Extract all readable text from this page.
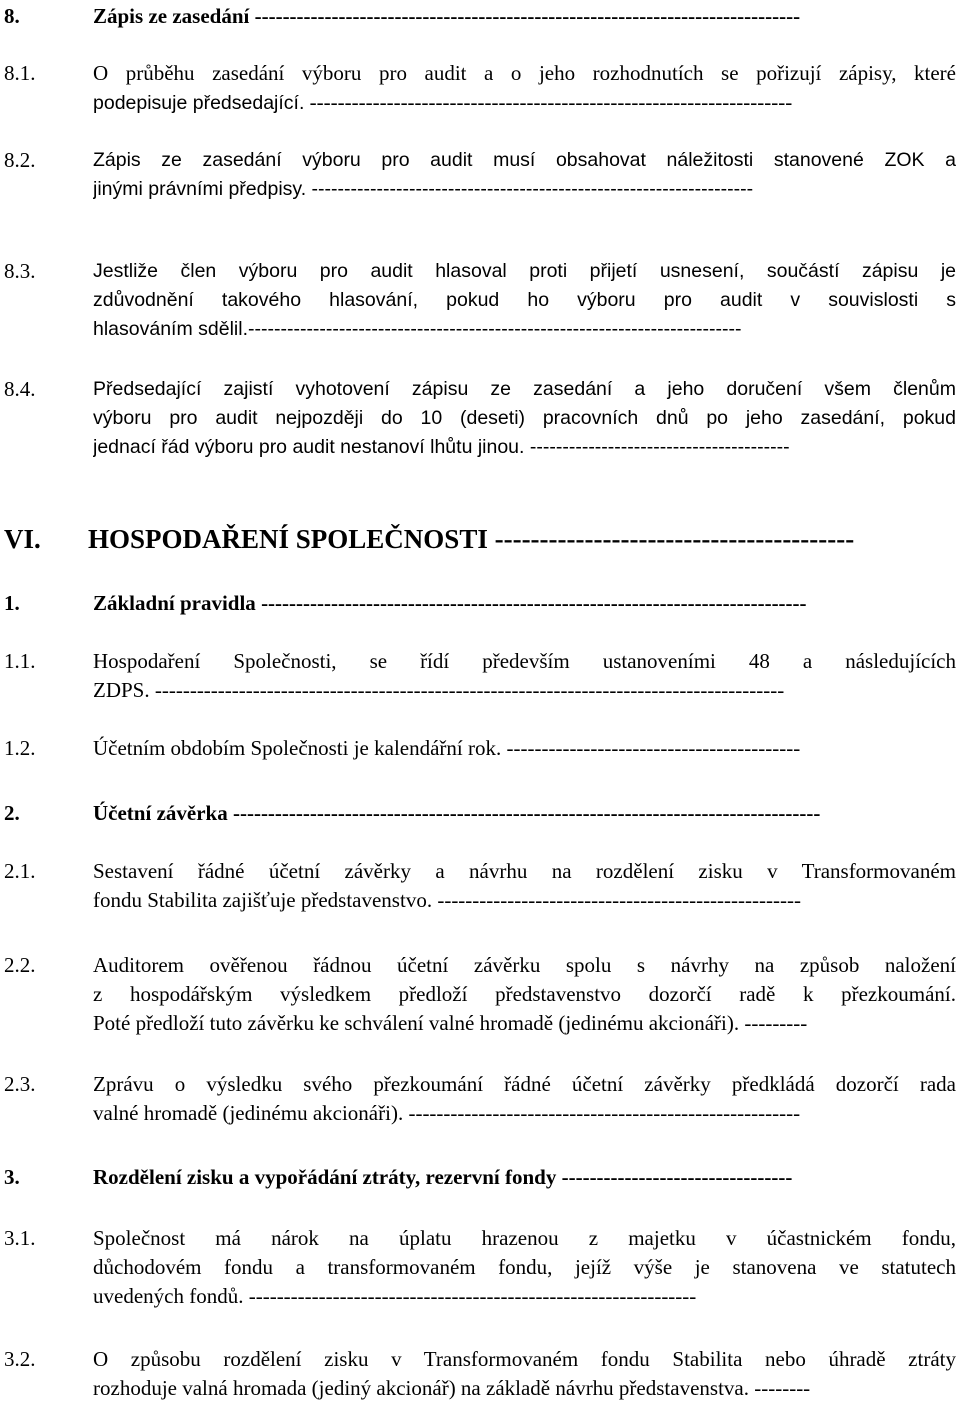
8.	Zápis ze zasedání ------------------------------------------------------------------------------
8.1.	O průběhu zasedání výboru pro audit a o jeho rozhodnutích se pořizují zápisy, které
podepisuje předsedající. ---------------------------------------------------------------------
8.2.	Zápis ze zasedání výboru pro audit musí obsahovat náležitosti stanovené ZOK a
jinými právními předpisy. --------------------------------------------------------------------
8.3.	Jestliže člen výboru pro audit hlasoval proti přijetí usnesení, součástí zápisu je
zdůvodnění takového hlasování, pokud ho výboru pro audit v souvislosti s
hlasováním sdělil.----------------------------------------------------------------------------
8.4.	Předsedající zajistí vyhotovení zápisu ze zasedání a jeho doručení všem členům
výboru pro audit nejpozději do 10 (deseti) pracovních dnů po jeho zasedání, pokud
jednací řád výboru pro audit nestanoví lhůtu jinou. ----------------------------------------
VI. HOSPODAŘENÍ SPOLEČNOSTI ----------------------------------------
1.	Základní pravidla ------------------------------------------------------------------------------
1.1.	Hospodaření Společnosti, se řídí především ustanoveními 48 a následujících
ZDPS. ------------------------------------------------------------------------------------------
1.2.	Účetním obdobím Společnosti je kalendářní rok. ------------------------------------------
2.	Účetní závěrka ------------------------------------------------------------------------------------
2.1.	Sestavení řádné účetní závěrky a návrhu na rozdělení zisku v Transformovaném
fondu Stabilita zajišťuje představenstvo. ----------------------------------------------------
2.2.	Auditorem ověřenou řádnou účetní závěrku spolu s návrhy na způsob naložení
z hospodářským výsledkem předloží představenstvo dozorčí radě k přezkoumání.
Poté předloží tuto závěrku ke schválení valné hromadě (jedinému akcionáři). ---------
2.3.	Zprávu o výsledku svého přezkoumání řádné účetní závěrky předkládá dozorčí rada
valné hromadě (jedinému akcionáři). --------------------------------------------------------
3.	Rozdělení zisku a vypořádání ztráty, rezervní fondy ---------------------------------
3.1.	Společnost má nárok na úplatu hrazenou z majetku v účastnickém fondu,
důchodovém fondu a transformovaném fondu, jejíž výše je stanovena ve statutech
uvedených fondů. ----------------------------------------------------------------
3.2.	O způsobu rozdělení zisku v Transformovaném fondu Stabilita nebo úhradě ztráty
rozhoduje valná hromada (jediný akcionář) na základě návrhu představenstva. --------
